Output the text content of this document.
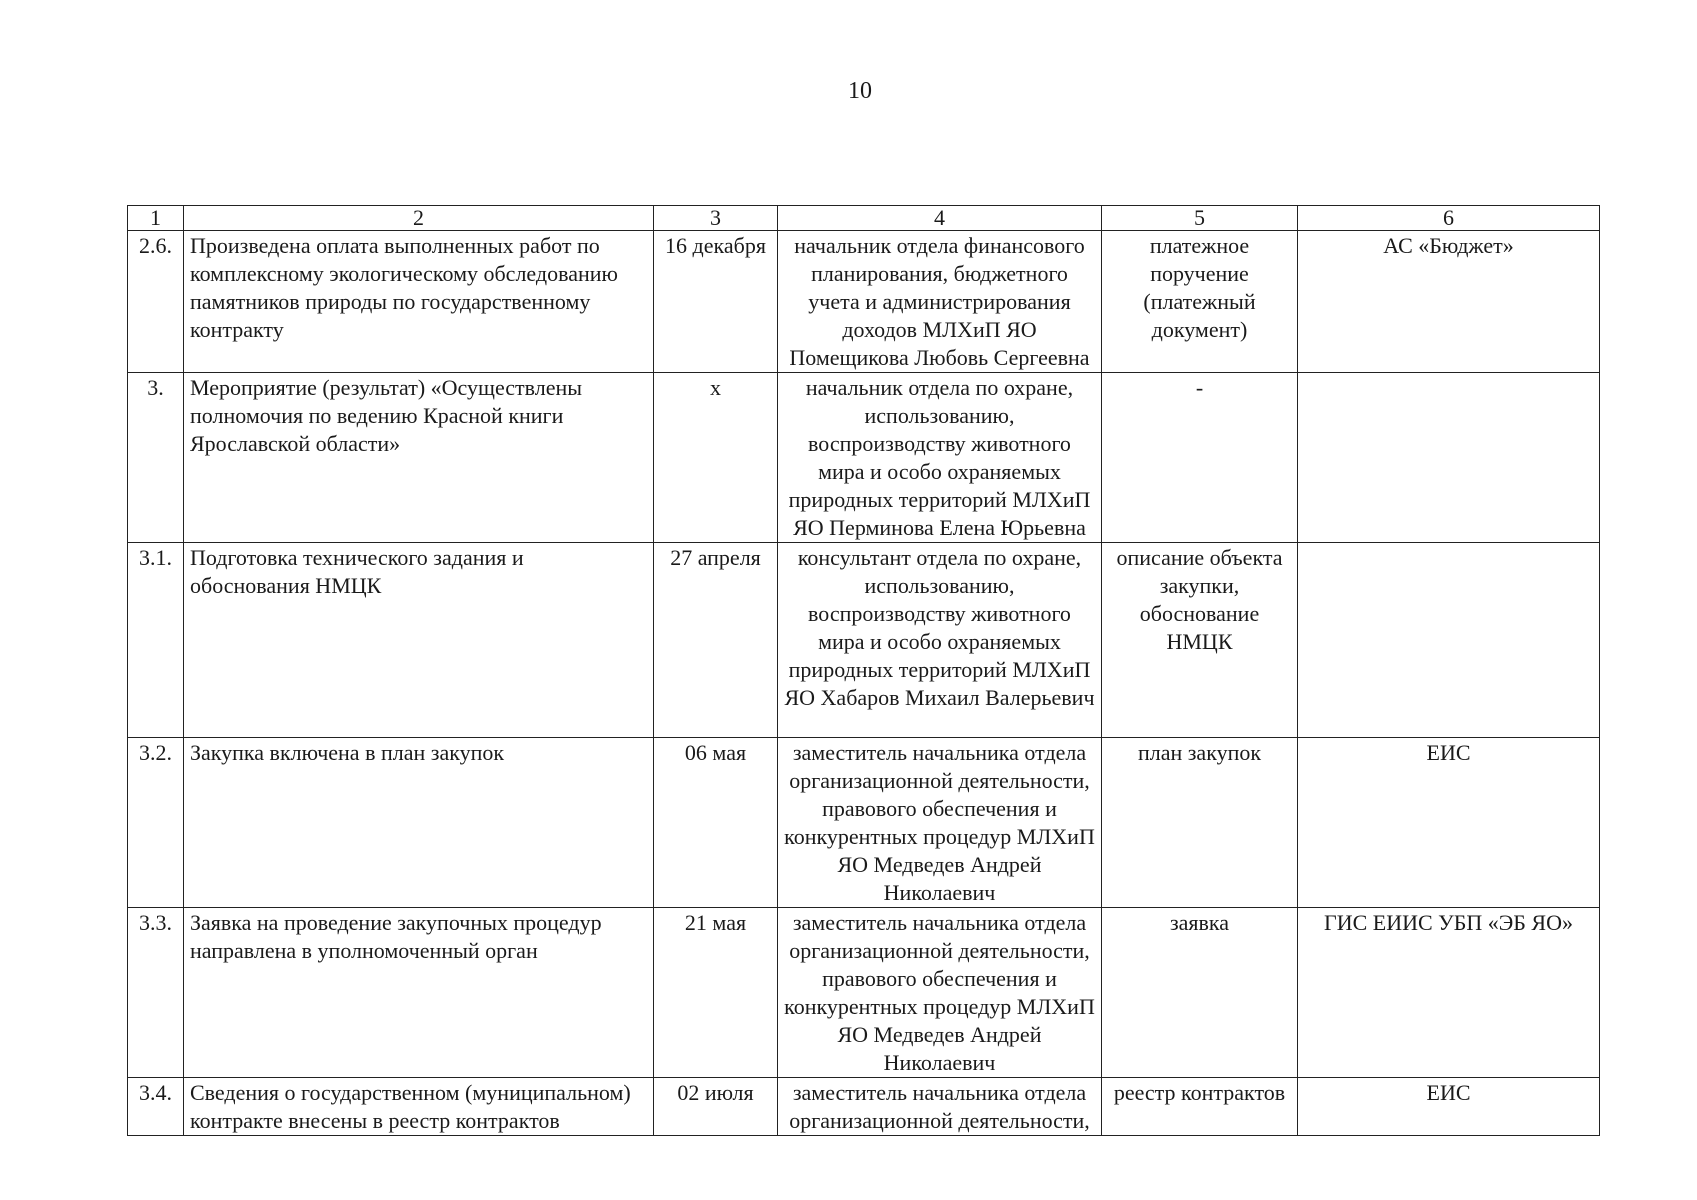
10
1	2	3	4	5	6
2.6.	Произведена оплата выполненных работ по комплексному экологическому обследованию памятников природы по государственному контракту	16 декабря	начальник отдела финансового планирования, бюджетного учета и администрирования доходов МЛХиП ЯО Помещикова Любовь Сергеевна	платежное поручение (платежный документ)	АС «Бюджет»
3.	Мероприятие (результат) «Осуществлены полномочия по ведению Красной книги Ярославской области»	х	начальник отдела по охране, использованию, воспроизводству животного мира и особо охраняемых природных территорий МЛХиП ЯО Перминова Елена Юрьевна	-	
3.1.	Подготовка технического задания и обоснования НМЦК	27 апреля	консультант отдела по охране, использованию, воспроизводству животного мира и особо охраняемых природных территорий МЛХиП ЯО Хабаров Михаил Валерьевич	описание объекта закупки, обоснование НМЦК	
3.2.	Закупка включена в план закупок	06 мая	заместитель начальника отдела организационной деятельности, правового обеспечения и конкурентных процедур МЛХиП ЯО Медведев Андрей Николаевич	план закупок	ЕИС
3.3.	Заявка на проведение закупочных процедур направлена в уполномоченный орган	21 мая	заместитель начальника отдела организационной деятельности, правового обеспечения и конкурентных процедур МЛХиП ЯО Медведев Андрей Николаевич	заявка	ГИС ЕИИС УБП «ЭБ ЯО»
3.4.	Сведения о государственном (муниципальном) контракте внесены в реестр контрактов	02 июля	заместитель начальника отдела организационной деятельности,	реестр контрактов	ЕИС
